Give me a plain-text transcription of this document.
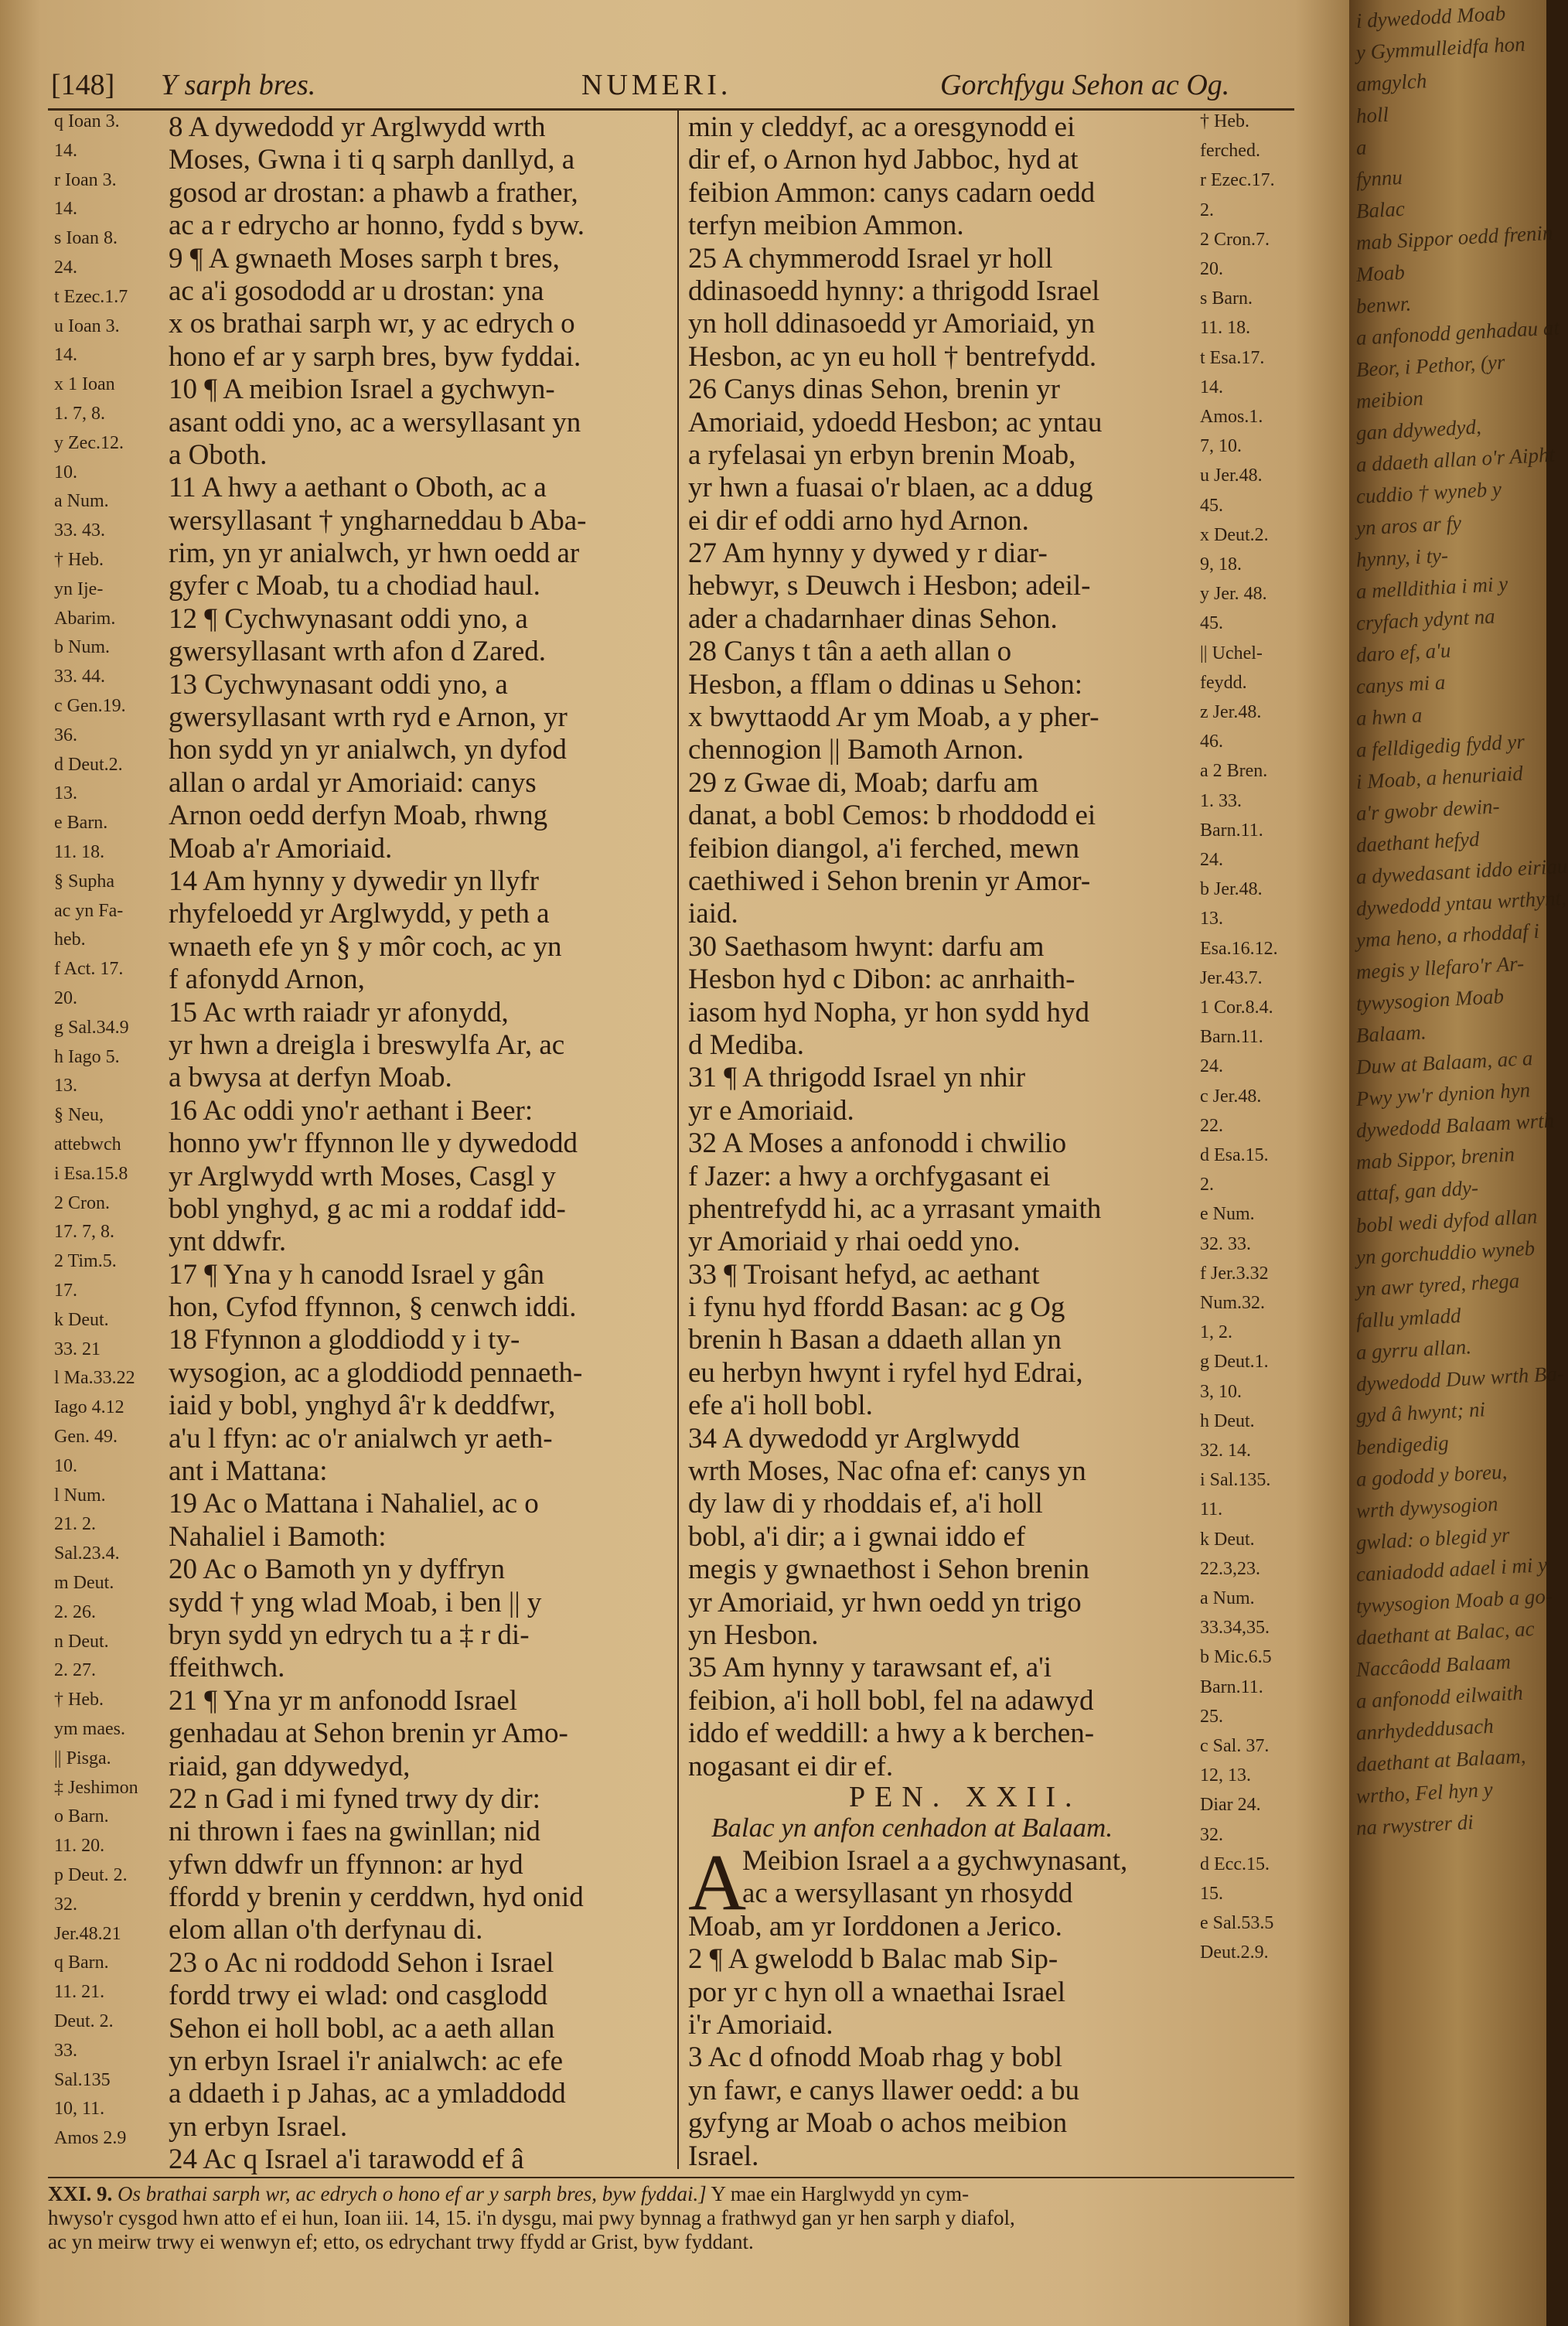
[148] Y sarph bres.	NUMERI.	Gorchfygu Sehon ac Og.
q Ioan 3.
14.
r Ioan 3.
14.
s Ioan 8.
24.
t Ezec.1.7
u Ioan 3.
14.
x 1 Ioan
1. 7, 8.
y Zec.12.
10.
a Num.
33. 43.
† Heb.
yn Ije-
Abarim.
b Num.
33. 44.
c Gen.19.
36.
d Deut.2.
13.
e Barn.
11. 18.
§ Supha
ac yn Fa-
heb.
f Act. 17.
20.
g Sal.34.9
h Iago 5.
13.
§ Neu,
attebwch
i Esa.15.8
2 Cron.
17. 7, 8.
2 Tim.5.
17.
k Deut.
33. 21
l Ma.33.22
Iago 4.12
Gen. 49.
10.
l Num.
21. 2.
Sal.23.4.
m Deut.
2. 26.
n Deut.
2. 27.
† Heb.
ym maes.
|| Pisga.
‡ Jeshimon
o Barn.
11. 20.
p Deut. 2.
32.
Jer.48.21
q Barn.
11. 21.
Deut. 2.
33.
Sal.135
10, 11.
Amos 2.9
8 A dywedodd yr Arglwydd wrth
Moses, Gwna i ti q sarph danllyd, a
gosod ar drostan: a phawb a frather,
ac a r edrycho ar honno, fydd s byw.
9 ¶ A gwnaeth Moses sarph t bres,
ac a'i gosododd ar u drostan: yna
x os brathai sarph wr, y ac edrych o
hono ef ar y sarph bres, byw fyddai.
10 ¶ A meibion Israel a gychwyn-
asant oddi yno, ac a wersyllasant yn
a Oboth.
11 A hwy a aethant o Oboth, ac a
wersyllasant † yngharneddau b Aba-
rim, yn yr anialwch, yr hwn oedd ar
gyfer c Moab, tu a chodiad haul.
12 ¶ Cychwynasant oddi yno, a
gwersyllasant wrth afon d Zared.
13 Cychwynasant oddi yno, a
gwersyllasant wrth ryd e Arnon, yr
hon sydd yn yr anialwch, yn dyfod
allan o ardal yr Amoriaid: canys
Arnon oedd derfyn Moab, rhwng
Moab a'r Amoriaid.
14 Am hynny y dywedir yn llyfr
rhyfeloedd yr Arglwydd, y peth a
wnaeth efe yn § y môr coch, ac yn
f afonydd Arnon,
15 Ac wrth raiadr yr afonydd,
yr hwn a dreigla i breswylfa Ar, ac
a bwysa at derfyn Moab.
16 Ac oddi yno'r aethant i Beer:
honno yw'r ffynnon lle y dywedodd
yr Arglwydd wrth Moses, Casgl y
bobl ynghyd, g ac mi a roddaf idd-
ynt ddwfr.
17 ¶ Yna y h canodd Israel y gân
hon, Cyfod ffynnon, § cenwch iddi.
18 Ffynnon a gloddiodd y i ty-
wysogion, ac a gloddiodd pennaeth-
iaid y bobl, ynghyd â'r k deddfwr,
a'u l ffyn: ac o'r anialwch yr aeth-
ant i Mattana:
19 Ac o Mattana i Nahaliel, ac o
Nahaliel i Bamoth:
20 Ac o Bamoth yn y dyffryn
sydd † yng wlad Moab, i ben || y
bryn sydd yn edrych tu a ‡ r di-
ffeithwch.
21 ¶ Yna yr m anfonodd Israel
genhadau at Sehon brenin yr Amo-
riaid, gan ddywedyd,
22 n Gad i mi fyned trwy dy dir:
ni thrown i faes na gwinllan; nid
yfwn ddwfr un ffynnon: ar hyd
ffordd y brenin y cerddwn, hyd onid
elom allan o'th derfynau di.
23 o Ac ni roddodd Sehon i Israel
fordd trwy ei wlad: ond casglodd
Sehon ei holl bobl, ac a aeth allan
yn erbyn Israel i'r anialwch: ac efe
a ddaeth i p Jahas, ac a ymladdodd
yn erbyn Israel.
24 Ac q Israel a'i tarawodd ef â
min y cleddyf, ac a oresgynodd ei
dir ef, o Arnon hyd Jabboc, hyd at
feibion Ammon: canys cadarn oedd
terfyn meibion Ammon.
25 A chymmerodd Israel yr holl
ddinasoedd hynny: a thrigodd Israel
yn holl ddinasoedd yr Amoriaid, yn
Hesbon, ac yn eu holl † bentrefydd.
26 Canys dinas Sehon, brenin yr
Amoriaid, ydoedd Hesbon; ac yntau
a ryfelasai yn erbyn brenin Moab,
yr hwn a fuasai o'r blaen, ac a ddug
ei dir ef oddi arno hyd Arnon.
27 Am hynny y dywed y r diar-
hebwyr, s Deuwch i Hesbon; adeil-
ader a chadarnhaer dinas Sehon.
28 Canys t tân a aeth allan o
Hesbon, a fflam o ddinas u Sehon:
x bwyttaodd Ar ym Moab, a y pher-
chennogion || Bamoth Arnon.
29 z Gwae di, Moab; darfu am
danat, a bobl Cemos: b rhoddodd ei
feibion diangol, a'i ferched, mewn
caethiwed i Sehon brenin yr Amor-
iaid.
30 Saethasom hwynt: darfu am
Hesbon hyd c Dibon: ac anrhaith-
iasom hyd Nopha, yr hon sydd hyd
d Mediba.
31 ¶ A thrigodd Israel yn nhir
yr e Amoriaid.
32 A Moses a anfonodd i chwilio
f Jazer: a hwy a orchfygasant ei
phentrefydd hi, ac a yrrasant ymaith
yr Amoriaid y rhai oedd yno.
33 ¶ Troisant hefyd, ac aethant
i fynu hyd ffordd Basan: ac g Og
brenin h Basan a ddaeth allan yn
eu herbyn hwynt i ryfel hyd Edrai,
efe a'i holl bobl.
34 A dywedodd yr Arglwydd
wrth Moses, Nac ofna ef: canys yn
dy law di y rhoddais ef, a'i holl
bobl, a'i dir; a i gwnai iddo ef
megis y gwnaethost i Sehon brenin
yr Amoriaid, yr hwn oedd yn trigo
yn Hesbon.
35 Am hynny y tarawsant ef, a'i
feibion, a'i holl bobl, fel na adawyd
iddo ef weddill: a hwy a k berchen-
nogasant ei dir ef.
PEN. XXII.
Balac yn anfon cenhadon at Balaam.
A
Meibion Israel a a gychwynasant,
ac a wersyllasant yn rhosydd
Moab, am yr Iorddonen a Jerico.
2 ¶ A gwelodd b Balac mab Sip-
por yr c hyn oll a wnaethai Israel
i'r Amoriaid.
3 Ac d ofnodd Moab rhag y bobl
yn fawr, e canys llawer oedd: a bu
gyfyng ar Moab o achos meibion
Israel.
† Heb.
ferched.
r Ezec.17.
2.
2 Cron.7.
20.
s Barn.
11. 18.
t Esa.17.
14.
Amos.1.
7, 10.
u Jer.48.
45.
x Deut.2.
9, 18.
y Jer. 48.
45.
|| Uchel-
feydd.
z Jer.48.
46.
a 2 Bren.
1. 33.
Barn.11.
24.
b Jer.48.
13.
Esa.16.12.
Jer.43.7.
1 Cor.8.4.
Barn.11.
24.
c Jer.48.
22.
d Esa.15.
2.
e Num.
32. 33.
f Jer.3.32
Num.32.
1, 2.
g Deut.1.
3, 10.
h Deut.
32. 14.
i Sal.135.
11.
k Deut.
22.3,23.
a Num.
33.34,35.
b Mic.6.5
Barn.11.
25.
c Sal. 37.
12, 13.
Diar 24.
32.
d Ecc.15.
15.
e Sal.53.5
Deut.2.9.
XXI. 9. Os brathai sarph wr, ac edrych o hono ef ar y sarph bres, byw fyddai.] Y mae ein Harglwydd yn cym-
hwyso'r cysgod hwn atto ef ei hun, Ioan iii. 14, 15. i'n dysgu, mai pwy bynnag a frathwyd gan yr hen sarph y diafol,
ac yn meirw trwy ei wenwyn ef; etto, os edrychant trwy ffydd ar Grist, byw fyddant.
i dywedodd Moab
y Gymmulleidfa hon
amgylch
holl
a
fynnu
Balac
mab Sippor oedd frenin
Moab
benwr.
a anfonodd genhadau at
Beor, i Pethor, (yr
meibion
gan ddywedyd,
a ddaeth allan o'r Aipht
cuddio † wyneb y
yn aros ar fy
hynny, i ty-
a melldithia i mi y
cryfach ydynt na
daro ef, a'u
canys mi a
a hwn a
a felldigedig fydd yr
i Moab, a henuriaid
a'r gwobr dewin-
daethant hefyd
a dywedasant iddo eiriau
dywedodd yntau wrthynt,
yma heno, a rhoddaf i
megis y llefaro'r Ar-
tywysogion Moab
Balaam.
Duw at Balaam, ac a
Pwy yw'r dynion hyn
dywedodd Balaam wrth
mab Sippor, brenin
attaf, gan ddy-
bobl wedi dyfod allan
yn gorchuddio wyneb
yn awr tyred, rhega
fallu ymladd
a gyrru allan.
dywedodd Duw wrth Ba-
gyd â hwynt; ni
bendigedig
a gododd y boreu,
wrth dywysogion
gwlad: o blegid yr
caniadodd adael i mi y
tywysogion Moab a go-
daethant at Balac, ac
Naccâodd Balaam
a anfonodd eilwaith
anrhydeddusach
daethant at Balaam,
wrtho, Fel hyn y
na rwystrer di
